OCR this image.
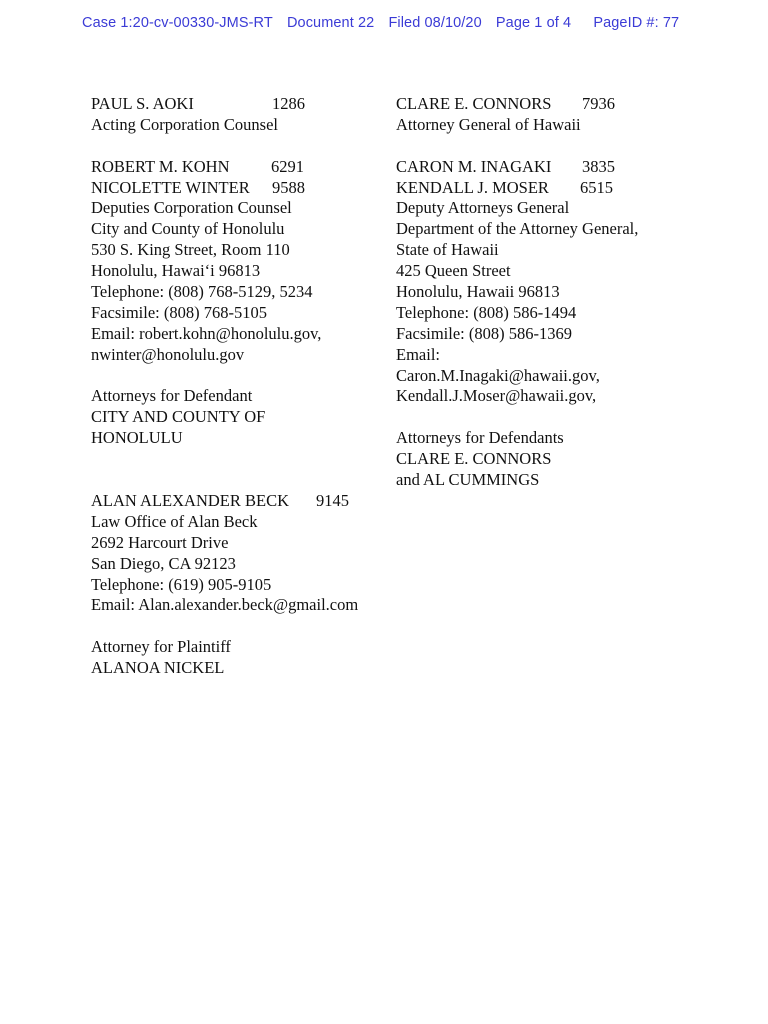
Case 1:20-cv-00330-JMS-RT Document 22 Filed 08/10/20 Page 1 of 4 PageID #: 77
PAUL S. AOKI	1286
Acting Corporation Counsel
ROBERT M. KOHN	6291
NICOLETTE WINTER 9588
Deputies Corporation Counsel
City and County of Honolulu
530 S. King Street, Room 110
Honolulu, Hawai‘i 96813
Telephone: (808) 768-5129, 5234
Facsimile: (808) 768-5105
Email: robert.kohn@honolulu.gov,
nwinter@honolulu.gov
Attorneys for Defendant
CITY AND COUNTY OF
HONOLULU
ALAN ALEXANDER BECK 9145
Law Office of Alan Beck
2692 Harcourt Drive
San Diego, CA 92123
Telephone: (619) 905-9105
Email: Alan.alexander.beck@gmail.com
Attorney for Plaintiff
ALANOA NICKEL
CLARE E. CONNORS 7936
Attorney General of Hawaii
CARON M. INAGAKI 3835
KENDALL J. MOSER 6515
Deputy Attorneys General
Department of the Attorney General,
State of Hawaii
425 Queen Street
Honolulu, Hawaii 96813
Telephone: (808) 586-1494
Facsimile: (808) 586-1369
Email:
Caron.M.Inagaki@hawaii.gov,
Kendall.J.Moser@hawaii.gov,
Attorneys for Defendants
CLARE E. CONNORS
and AL CUMMINGS
